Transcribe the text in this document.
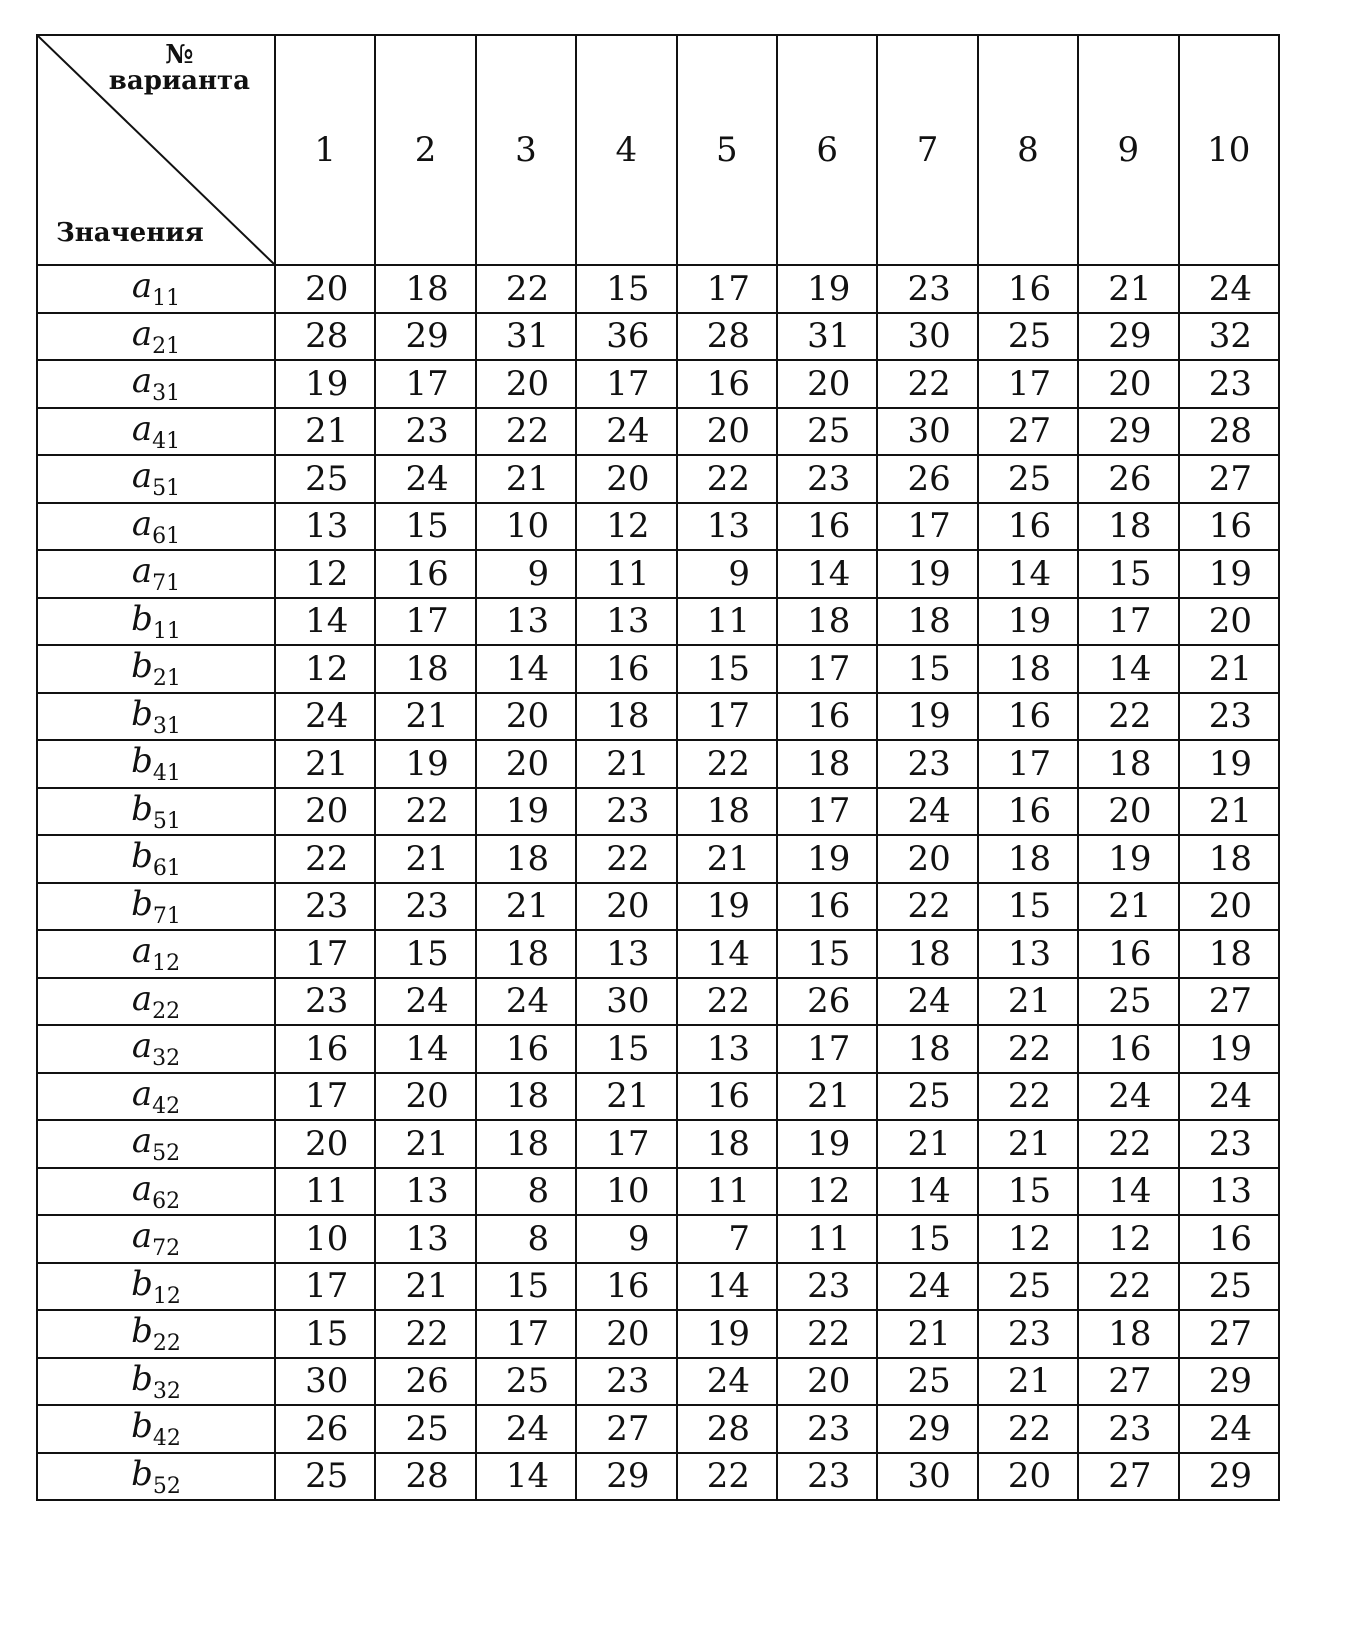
№
варианта
Значения	1	2	3	4	5	6	7	8	9	10
$a_{11}$	20	18	22	15	17	19	23	16	21	24
$a_{21}$	28	29	31	36	28	31	30	25	29	32
$a_{31}$	19	17	20	17	16	20	22	17	20	23
$a_{41}$	21	23	22	24	20	25	30	27	29	28
$a_{51}$	25	24	21	20	22	23	26	25	26	27
$a_{61}$	13	15	10	12	13	16	17	16	18	16
$a_{71}$	12	16	9	11	9	14	19	14	15	19
$b_{11}$	14	17	13	13	11	18	18	19	17	20
$b_{21}$	12	18	14	16	15	17	15	18	14	21
$b_{31}$	24	21	20	18	17	16	19	16	22	23
$b_{41}$	21	19	20	21	22	18	23	17	18	19
$b_{51}$	20	22	19	23	18	17	24	16	20	21
$b_{61}$	22	21	18	22	21	19	20	18	19	18
$b_{71}$	23	23	21	20	19	16	22	15	21	20
$a_{12}$	17	15	18	13	14	15	18	13	16	18
$a_{22}$	23	24	24	30	22	26	24	21	25	27
$a_{32}$	16	14	16	15	13	17	18	22	16	19
$a_{42}$	17	20	18	21	16	21	25	22	24	24
$a_{52}$	20	21	18	17	18	19	21	21	22	23
$a_{62}$	11	13	8	10	11	12	14	15	14	13
$a_{72}$	10	13	8	9	7	11	15	12	12	16
$b_{12}$	17	21	15	16	14	23	24	25	22	25
$b_{22}$	15	22	17	20	19	22	21	23	18	27
$b_{32}$	30	26	25	23	24	20	25	21	27	29
$b_{42}$	26	25	24	27	28	23	29	22	23	24
$b_{52}$	25	28	14	29	22	23	30	20	27	29
